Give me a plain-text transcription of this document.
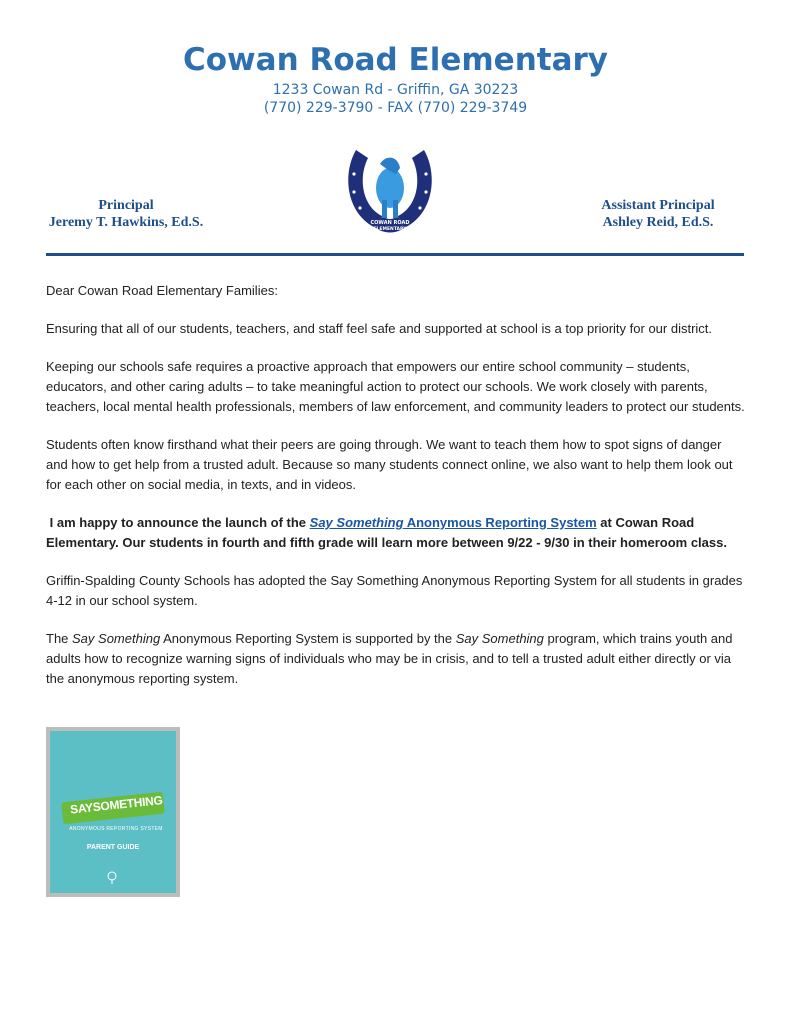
Cowan Road Elementary
1233 Cowan Rd - Griffin, GA 30223
(770) 229-3790 - FAX (770) 229-3749
COWAN ROAD
ELEMENTARY
Principal
Jeremy T. Hawkins, Ed.S.
Assistant Principal
Ashley Reid, Ed.S.

Dear Cowan Road Elementary Families:

Ensuring that all of our students, teachers, and staff feel safe and supported at school is a top priority for our district.

Keeping our schools safe requires a proactive approach that empowers our entire school community – students, educators, and other caring adults – to take meaningful action to protect our schools. We work closely with parents, teachers, local mental health professionals, members of law enforcement, and community leaders to protect our students.

Students often know firsthand what their peers are going through. We want to teach them how to spot signs of danger and how to get help from a trusted adult. Because so many students connect online, we also want to help them look out for each other on social media, in texts, and in videos.

I am happy to announce the launch of the Say Something Anonymous Reporting System at Cowan Road Elementary. Our students in fourth and fifth grade will learn more between 9/22 - 9/30 in their homeroom class.

Griffin-Spalding County Schools has adopted the Say Something Anonymous Reporting System for all students in grades 4-12 in our school system.

The Say Something Anonymous Reporting System is supported by the Say Something program, which trains youth and adults how to recognize warning signs of individuals who may be in crisis, and to tell a trusted adult either directly or via the anonymous reporting system.

SAYSOMETHING
ANONYMOUS REPORTING SYSTEM
PARENT GUIDE
